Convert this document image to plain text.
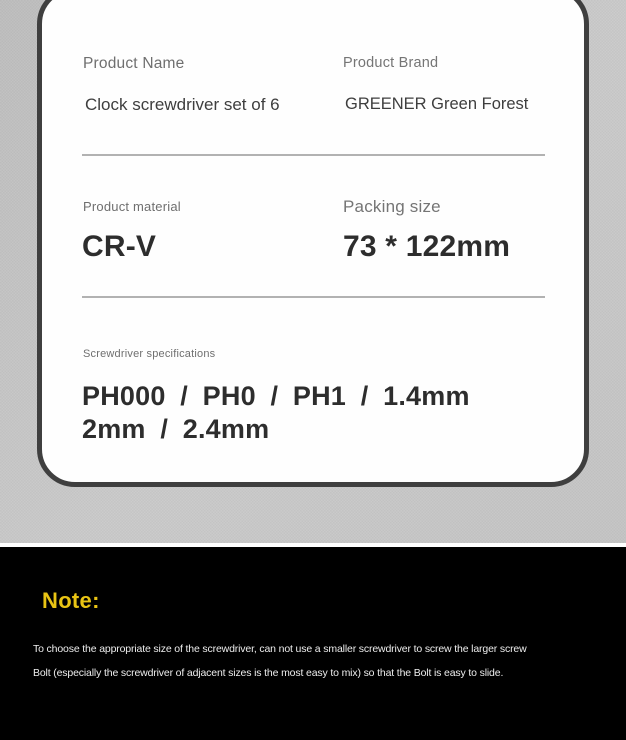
Product Name	Product Brand
Clock screwdriver set of 6	GREENER Green Forest
Product material	Packing size
CR-V	73 * 122mm
Screwdriver specifications
PH000 / PH0 / PH1 / 1.4mm
2mm / 2.4mm
Note:

To choose the appropriate size of the screwdriver, can not use a smaller screwdriver to screw the larger screw

Bolt (especially the screwdriver of adjacent sizes is the most easy to mix) so that the Bolt is easy to slide.
